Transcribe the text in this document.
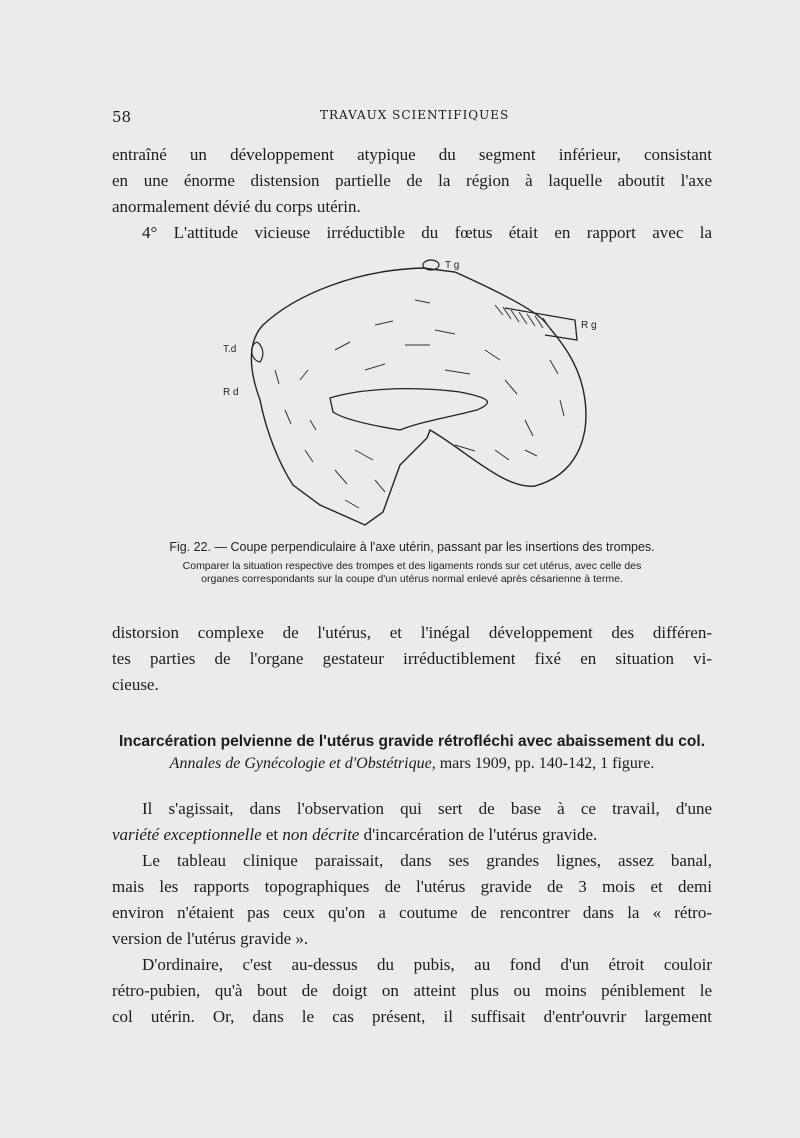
58	TRAVAUX SCIENTIFIQUES
entraîné un développement atypique du segment inférieur, consistant
en une énorme distension partielle de la région à laquelle aboutit l'axe
anormalement dévié du corps utérin.
4° L'attitude vicieuse irréductible du fœtus était en rapport avec la
T g
R g
T.d
R d
Fig. 22. — Coupe perpendiculaire à l'axe utérin, passant par les insertions des trompes.
Comparer la situation respective des trompes et des ligaments ronds sur cet utérus, avec celle des
organes correspondants sur la coupe d'un utérus normal enlevé après césarienne à terme.
distorsion complexe de l'utérus, et l'inégal développement des différen-
tes parties de l'organe gestateur irréductiblement fixé en situation vi-
cieuse.
Incarcération pelvienne de l'utérus gravide rétrofléchi avec abaissement du col.
Annales de Gynécologie et d'Obstétrique, mars 1909, pp. 140-142, 1 figure.
Il s'agissait, dans l'observation qui sert de base à ce travail, d'une
variété exceptionnelle et non décrite d'incarcération de l'utérus gravide.
Le tableau clinique paraissait, dans ses grandes lignes, assez banal,
mais les rapports topographiques de l'utérus gravide de 3 mois et demi
environ n'étaient pas ceux qu'on a coutume de rencontrer dans la « rétro-
version de l'utérus gravide ».
D'ordinaire, c'est au-dessus du pubis, au fond d'un étroit couloir
rétro-pubien, qu'à bout de doigt on atteint plus ou moins péniblement le
col utérin. Or, dans le cas présent, il suffisait d'entr'ouvrir largement
